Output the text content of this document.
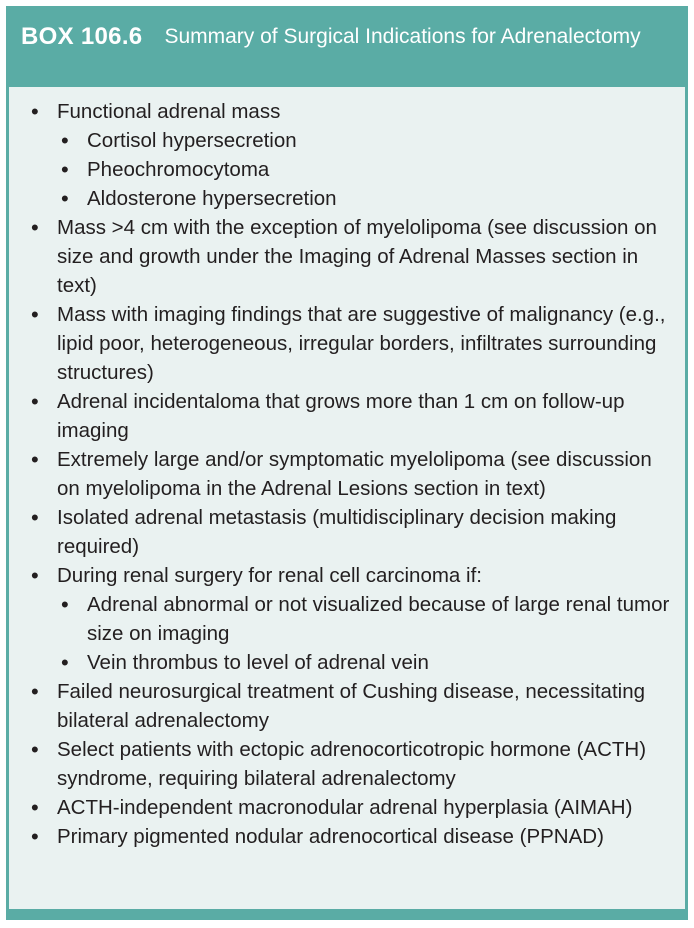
BOX 106.6 Summary of Surgical Indications for Adrenalectomy
• Functional adrenal mass
• Cortisol hypersecretion
• Pheochromocytoma
• Aldosterone hypersecretion
• Mass >4 cm with the exception of myelolipoma (see discussion on size and growth under the Imaging of Adrenal Masses section in text)
• Mass with imaging findings that are suggestive of malignancy (e.g., lipid poor, heterogeneous, irregular borders, infiltrates surrounding structures)
• Adrenal incidentaloma that grows more than 1 cm on follow-up imaging
• Extremely large and/or symptomatic myelolipoma (see discussion on myelolipoma in the Adrenal Lesions section in text)
• Isolated adrenal metastasis (multidisciplinary decision making required)
• During renal surgery for renal cell carcinoma if:
• Adrenal abnormal or not visualized because of large renal tumor size on imaging
• Vein thrombus to level of adrenal vein
• Failed neurosurgical treatment of Cushing disease, necessitating bilateral adrenalectomy
• Select patients with ectopic adrenocorticotropic hormone (ACTH) syndrome, requiring bilateral adrenalectomy
• ACTH-independent macronodular adrenal hyperplasia (AIMAH)
• Primary pigmented nodular adrenocortical disease (PPNAD)
